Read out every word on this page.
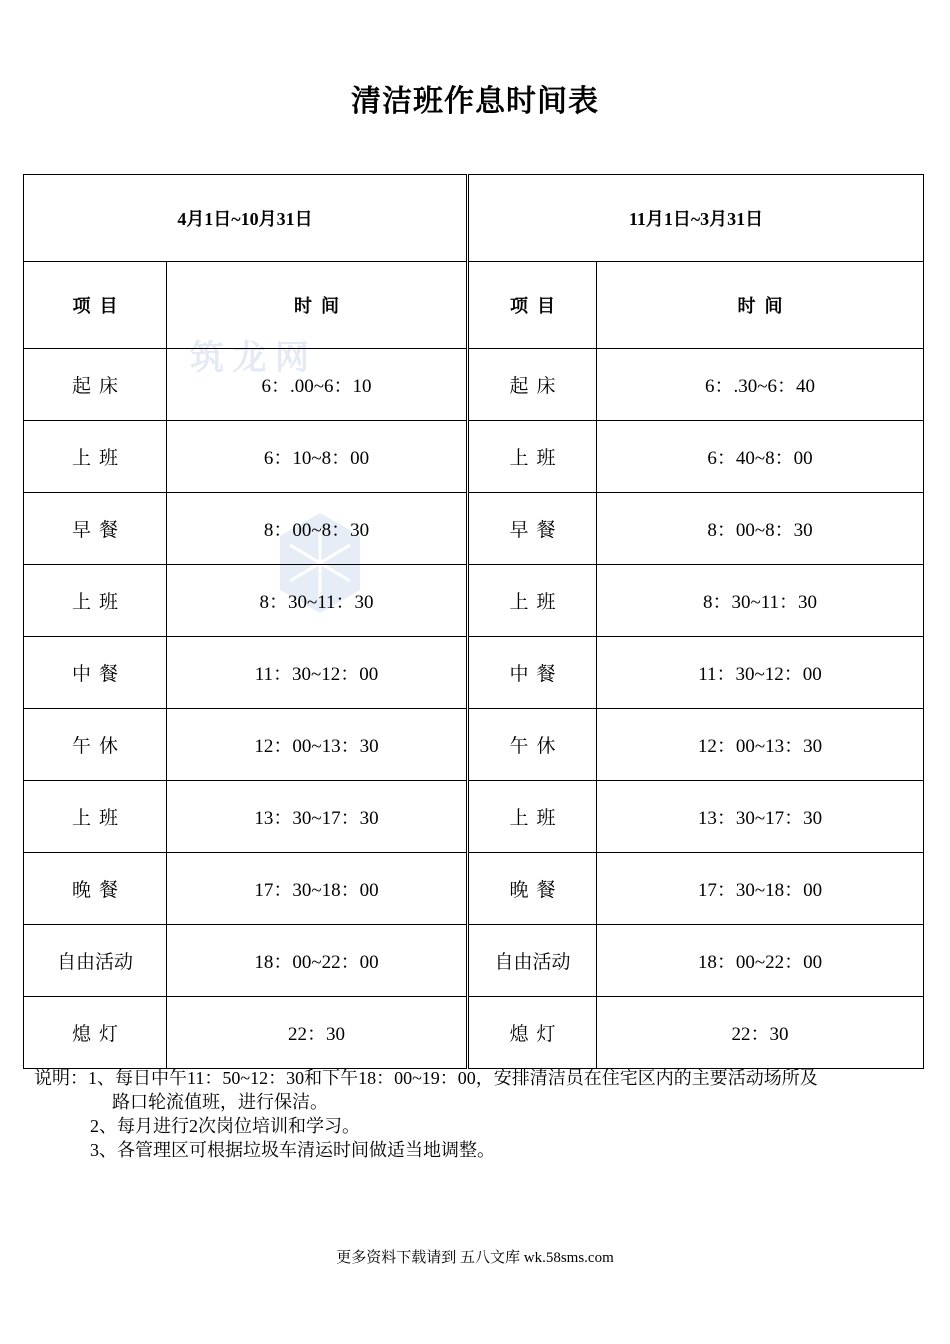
清洁班作息时间表
筑 龙 网
4月1日~10月31日		11月1日~3月31日	
项  目	时  间	项  目	时  间
起床	6：.00~6：10	起床	6：.30~6：40
上班	6：10~8：00	上班	6：40~8：00
早餐	8：00~8：30	早餐	8：00~8：30
上班	8：30~11：30	上班	8：30~11：30
中餐	11：30~12：00	中餐	11：30~12：00
午休	12：00~13：30	午休	12：00~13：30
上班	13：30~17：30	上班	13：30~17：30
晚餐	17：30~18：00	晚餐	17：30~18：00
自由活动	18：00~22：00	自由活动	18：00~22：00
熄灯	22：30	熄灯	22：30
说明：1、每日中午11：50~12：30和下午18：00~19：00，安排清洁员在住宅区内的主要活动场所及
路口轮流值班，进行保洁。
2、每月进行2次岗位培训和学习。
3、各管理区可根据垃圾车清运时间做适当地调整。
更多资料下载请到 五八文库 wk.58sms.com
